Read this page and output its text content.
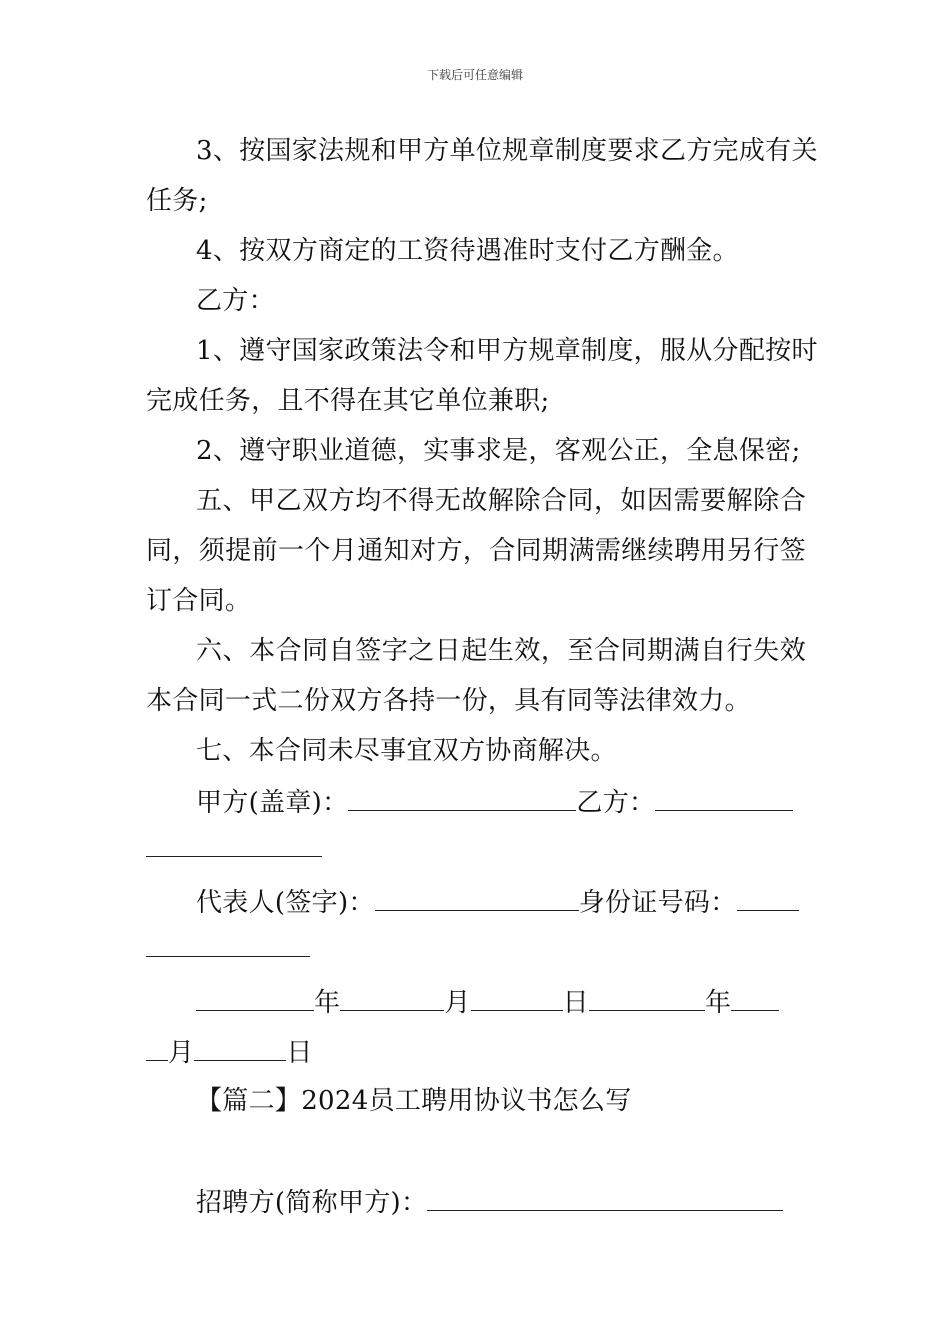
下载后可任意编辑
3、按国家法规和甲方单位规章制度要求乙方完成有关
任务;
4、按双方商定的工资待遇准时支付乙方酬金。
乙方：
1、遵守国家政策法令和甲方规章制度，服从分配按时
完成任务，且不得在其它单位兼职;
2、遵守职业道德，实事求是，客观公正，全息保密;
五、甲乙双方均不得无故解除合同，如因需要解除合
同，须提前一个月通知对方，合同期满需继续聘用另行签
订合同。
六、本合同自签字之日起生效，至合同期满自行失效
本合同一式二份双方各持一份，具有同等法律效力。
七、本合同未尽事宜双方协商解决。
甲方(盖章)：	乙方：
代表人(签字)：	身份证号码：
年	月	日	年
月	日
【篇二】2024员工聘用协议书怎么写
招聘方(简称甲方)：
